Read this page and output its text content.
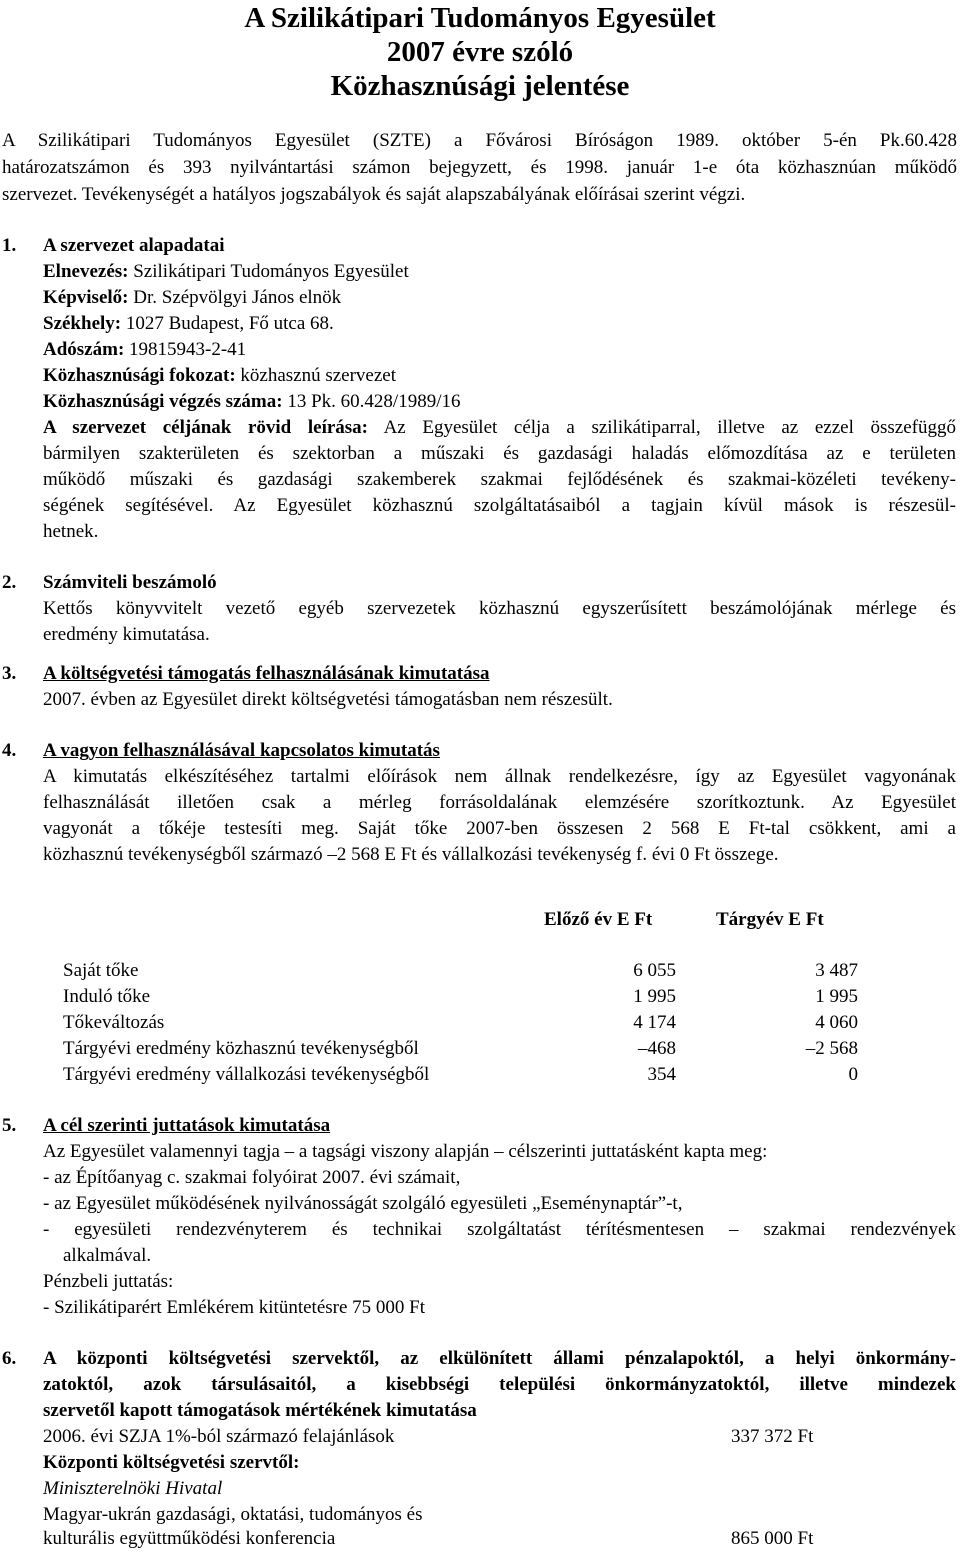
A Szilikátipari Tudományos Egyesület
2007 évre szóló
Közhasznúsági jelentése
A Szilikátipari Tudományos Egyesület (SZTE) a Fővárosi Bíróságon 1989. október 5-én Pk.60.428
határozatszámon és 393 nyilvántartási számon bejegyzett, és 1998. január 1-e óta közhasznúan működő
szervezet. Tevékenységét a hatályos jogszabályok és saját alapszabályának előírásai szerint végzi.
1. A szervezet alapadatai
Elnevezés: Szilikátipari Tudományos Egyesület
Képviselő: Dr. Szépvölgyi János elnök
Székhely: 1027 Budapest, Fő utca 68.
Adószám: 19815943-2-41
Közhasznúsági fokozat: közhasznú szervezet
Közhasznúsági végzés száma: 13 Pk. 60.428/1989/16
A szervezet céljának rövid leírása: Az Egyesület célja a szilikátiparral, illetve az ezzel összefüggő
bármilyen szakterületen és szektorban a műszaki és gazdasági haladás előmozdítása az e területen
működő műszaki és gazdasági szakemberek szakmai fejlődésének és szakmai-közéleti tevékeny-
ségének segítésével. Az Egyesület közhasznú szolgáltatásaiból a tagjain kívül mások is részesül-
hetnek.
2. Számviteli beszámoló
Kettős könyvvitelt vezető egyéb szervezetek közhasznú egyszerűsített beszámolójának mérlege és
eredmény kimutatása.
3. A költségvetési támogatás felhasználásának kimutatása
2007. évben az Egyesület direkt költségvetési támogatásban nem részesült.
4. A vagyon felhasználásával kapcsolatos kimutatás
A kimutatás elkészítéséhez tartalmi előírások nem állnak rendelkezésre, így az Egyesület vagyonának
felhasználását illetően csak a mérleg forrásoldalának elemzésére szorítkoztunk. Az Egyesület
vagyonát a tőkéje testesíti meg. Saját tőke 2007-ben összesen 2 568 E Ft-tal csökkent, ami a
közhasznú tevékenységből származó –2 568 E Ft és vállalkozási tevékenység f. évi 0 Ft összege.
Előző év E Ft	Tárgyév E Ft
Saját tőke	6 055	3 487
Induló tőke	1 995	1 995
Tőkeváltozás	4 174	4 060
Tárgyévi eredmény közhasznú tevékenységből	–468	–2 568
Tárgyévi eredmény vállalkozási tevékenységből	354	0
5. A cél szerinti juttatások kimutatása
Az Egyesület valamennyi tagja – a tagsági viszony alapján – célszerinti juttatásként kapta meg:
- az Építőanyag c. szakmai folyóirat 2007. évi számait,
- az Egyesület működésének nyilvánosságát szolgáló egyesületi „Eseménynaptár”-t,
- egyesületi rendezvényterem és technikai szolgáltatást térítésmentesen – szakmai rendezvények
alkalmával.
Pénzbeli juttatás:
- Szilikátiparért Emlékérem kitüntetésre 75 000 Ft
6. A központi költségvetési szervektől, az elkülönített állami pénzalapoktól, a helyi önkormány-
zatoktól, azok társulásaitól, a kisebbségi települési önkormányzatoktól, illetve mindezek
szervetől kapott támogatások mértékének kimutatása
2006. évi SZJA 1%-ból származó felajánlások	337 372 Ft
Központi költségvetési szervtől:
Miniszterelnöki Hivatal
Magyar-ukrán gazdasági, oktatási, tudományos és
kulturális együttműködési konferencia	865 000 Ft
